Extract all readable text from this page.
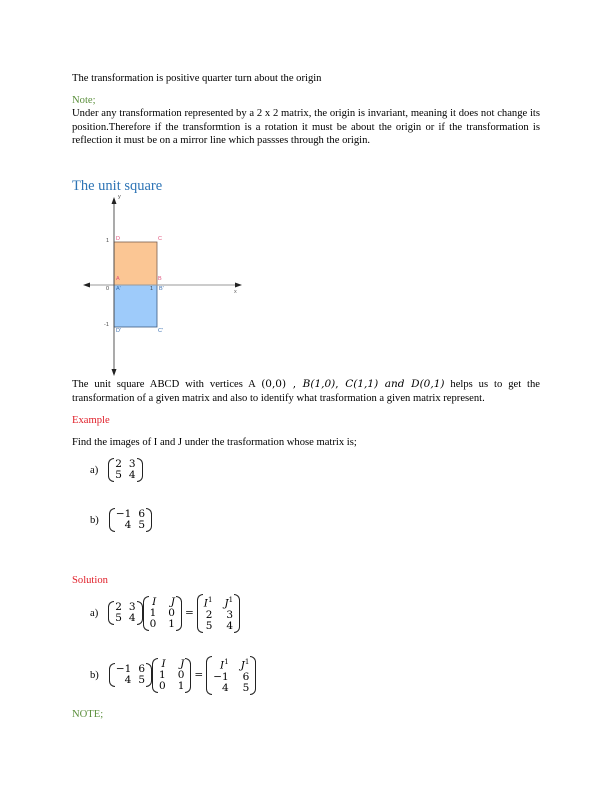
The transformation is positive quarter turn about the origin
Note;
Under any transformation represented by a 2 x 2 matrix, the origin is invariant, meaning it does not change its position.Therefore if the transformtion is a rotation it must be about the origin or if the transformation is reflection it must be on a mirror line which passses through the origin.
The unit square
y
x
1
0
-1
1
D	C
A	B
A'	B'
D'	C'
The unit square ABCD with vertices A (0,0) , B(1,0), C(1,1) and D(0,1) helps us to get the transformation of a given matrix and also to identify what trasformation a given matrix represent.
Example
Find the images of I and J under the trasformation whose matrix is;
a) 2 3
5 4
b) −1 6
4 5
Solution
a) 2 3
5 4
I J
1 0
0 1
=
$I^1$ $J^1$
2 3
5 4
b) −1 6
4 5
I J
1 0
0 1
=
$I^1$ $J^1$
−1 6
4 5
NOTE;
